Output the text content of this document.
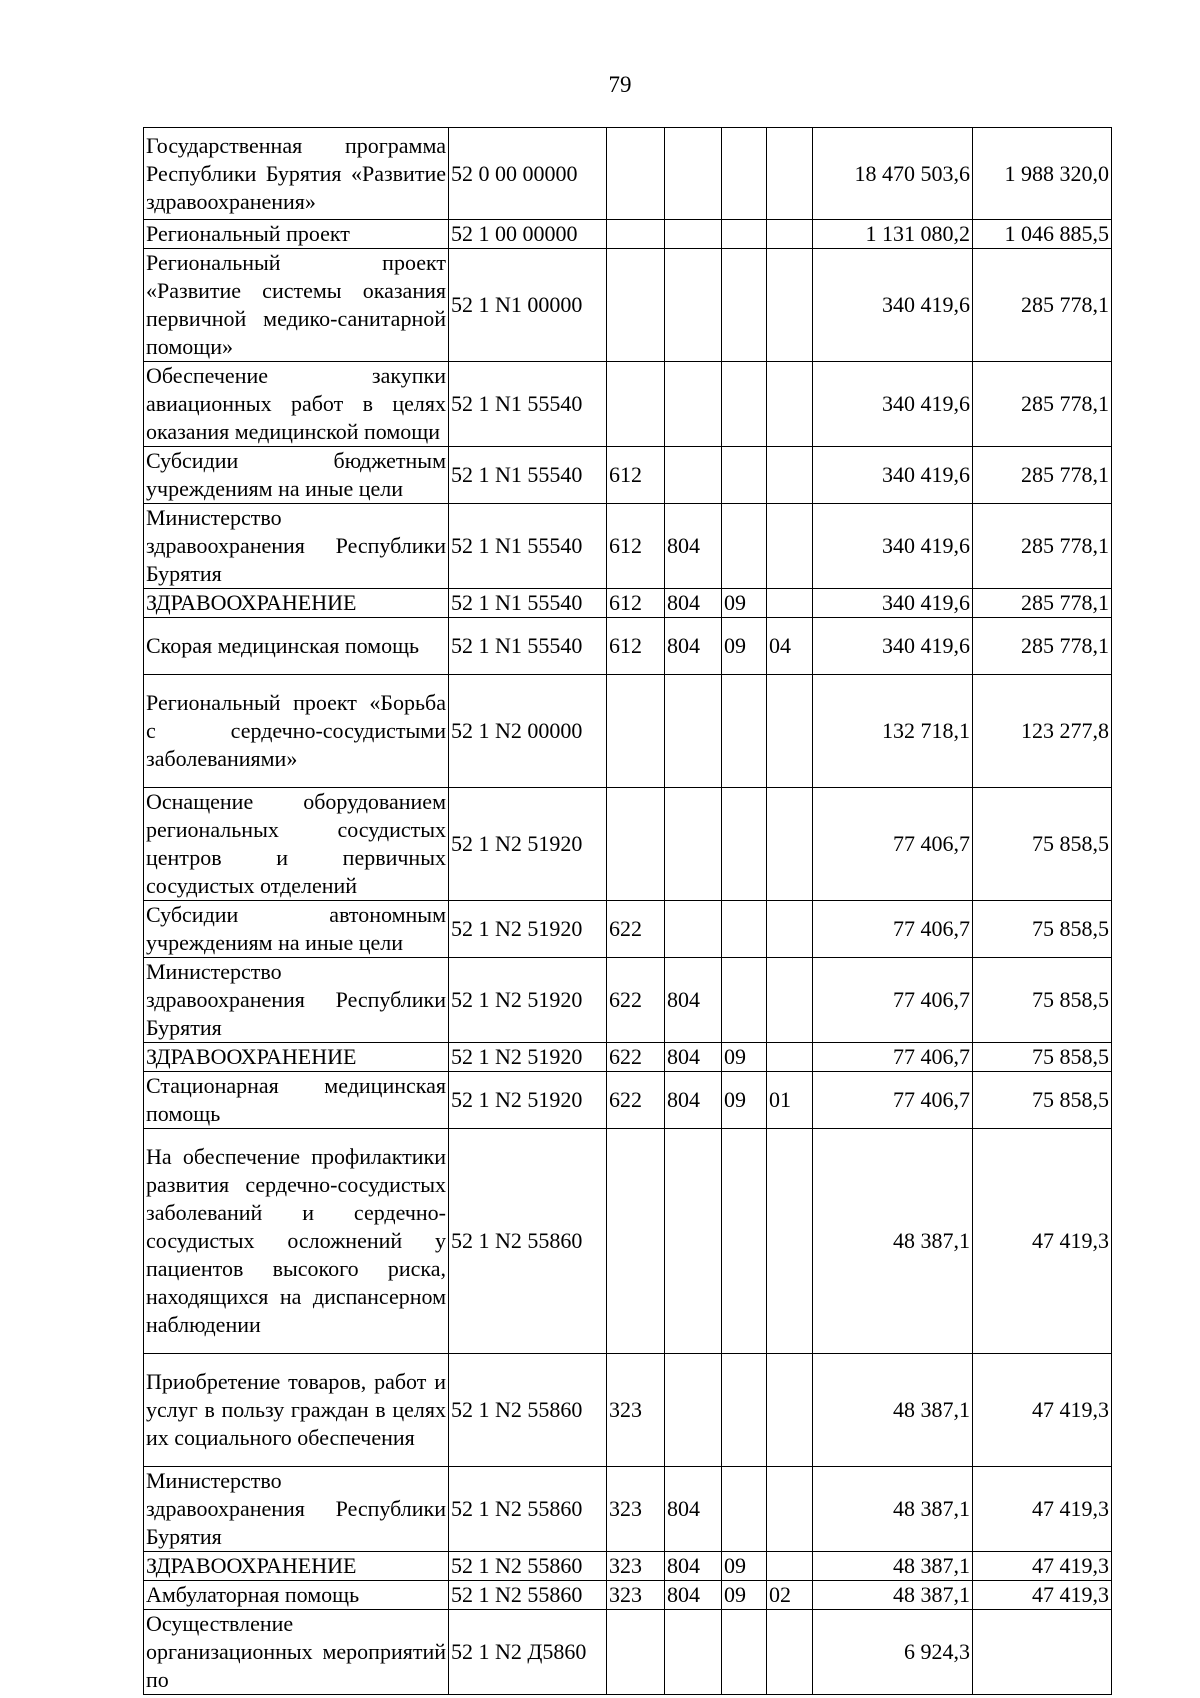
79
Государственная программа Республики Бурятия «Развитие здравоохранения»	52 0 00 00000					18 470 503,6	1 988 320,0
Региональный проект	52 1 00 00000					1 131 080,2	1 046 885,5
Региональный проект «Развитие системы оказания первичной медико-санитарной помощи»	52 1 N1 00000					340 419,6	285 778,1
Обеспечение закупки авиационных работ в целях оказания медицинской помощи	52 1 N1 55540					340 419,6	285 778,1
Субсидии бюджетным учреждениям на иные цели	52 1 N1 55540	612				340 419,6	285 778,1
Министерство здравоохранения Республики Бурятия	52 1 N1 55540	612	804			340 419,6	285 778,1
ЗДРАВООХРАНЕНИЕ	52 1 N1 55540	612	804	09		340 419,6	285 778,1
Скорая медицинская помощь	52 1 N1 55540	612	804	09	04	340 419,6	285 778,1
Региональный проект «Борьба с сердечно-сосудистыми заболеваниями»	52 1 N2 00000					132 718,1	123 277,8
Оснащение оборудованием региональных сосудистых центров и первичных сосудистых отделений	52 1 N2 51920					77 406,7	75 858,5
Субсидии автономным учреждениям на иные цели	52 1 N2 51920	622				77 406,7	75 858,5
Министерство здравоохранения Республики Бурятия	52 1 N2 51920	622	804			77 406,7	75 858,5
ЗДРАВООХРАНЕНИЕ	52 1 N2 51920	622	804	09		77 406,7	75 858,5
Стационарная медицинская помощь	52 1 N2 51920	622	804	09	01	77 406,7	75 858,5
На обеспечение профилактики развития сердечно-сосудистых заболеваний и сердечно-сосудистых осложнений у пациентов высокого риска, находящихся на диспансерном наблюдении	52 1 N2 55860					48 387,1	47 419,3
Приобретение товаров, работ и услуг в пользу граждан в целях их социального обеспечения	52 1 N2 55860	323				48 387,1	47 419,3
Министерство здравоохранения Республики Бурятия	52 1 N2 55860	323	804			48 387,1	47 419,3
ЗДРАВООХРАНЕНИЕ	52 1 N2 55860	323	804	09		48 387,1	47 419,3
Амбулаторная помощь	52 1 N2 55860	323	804	09	02	48 387,1	47 419,3
Осуществление организационных мероприятий по	52 1 N2 Д5860					6 924,3	
